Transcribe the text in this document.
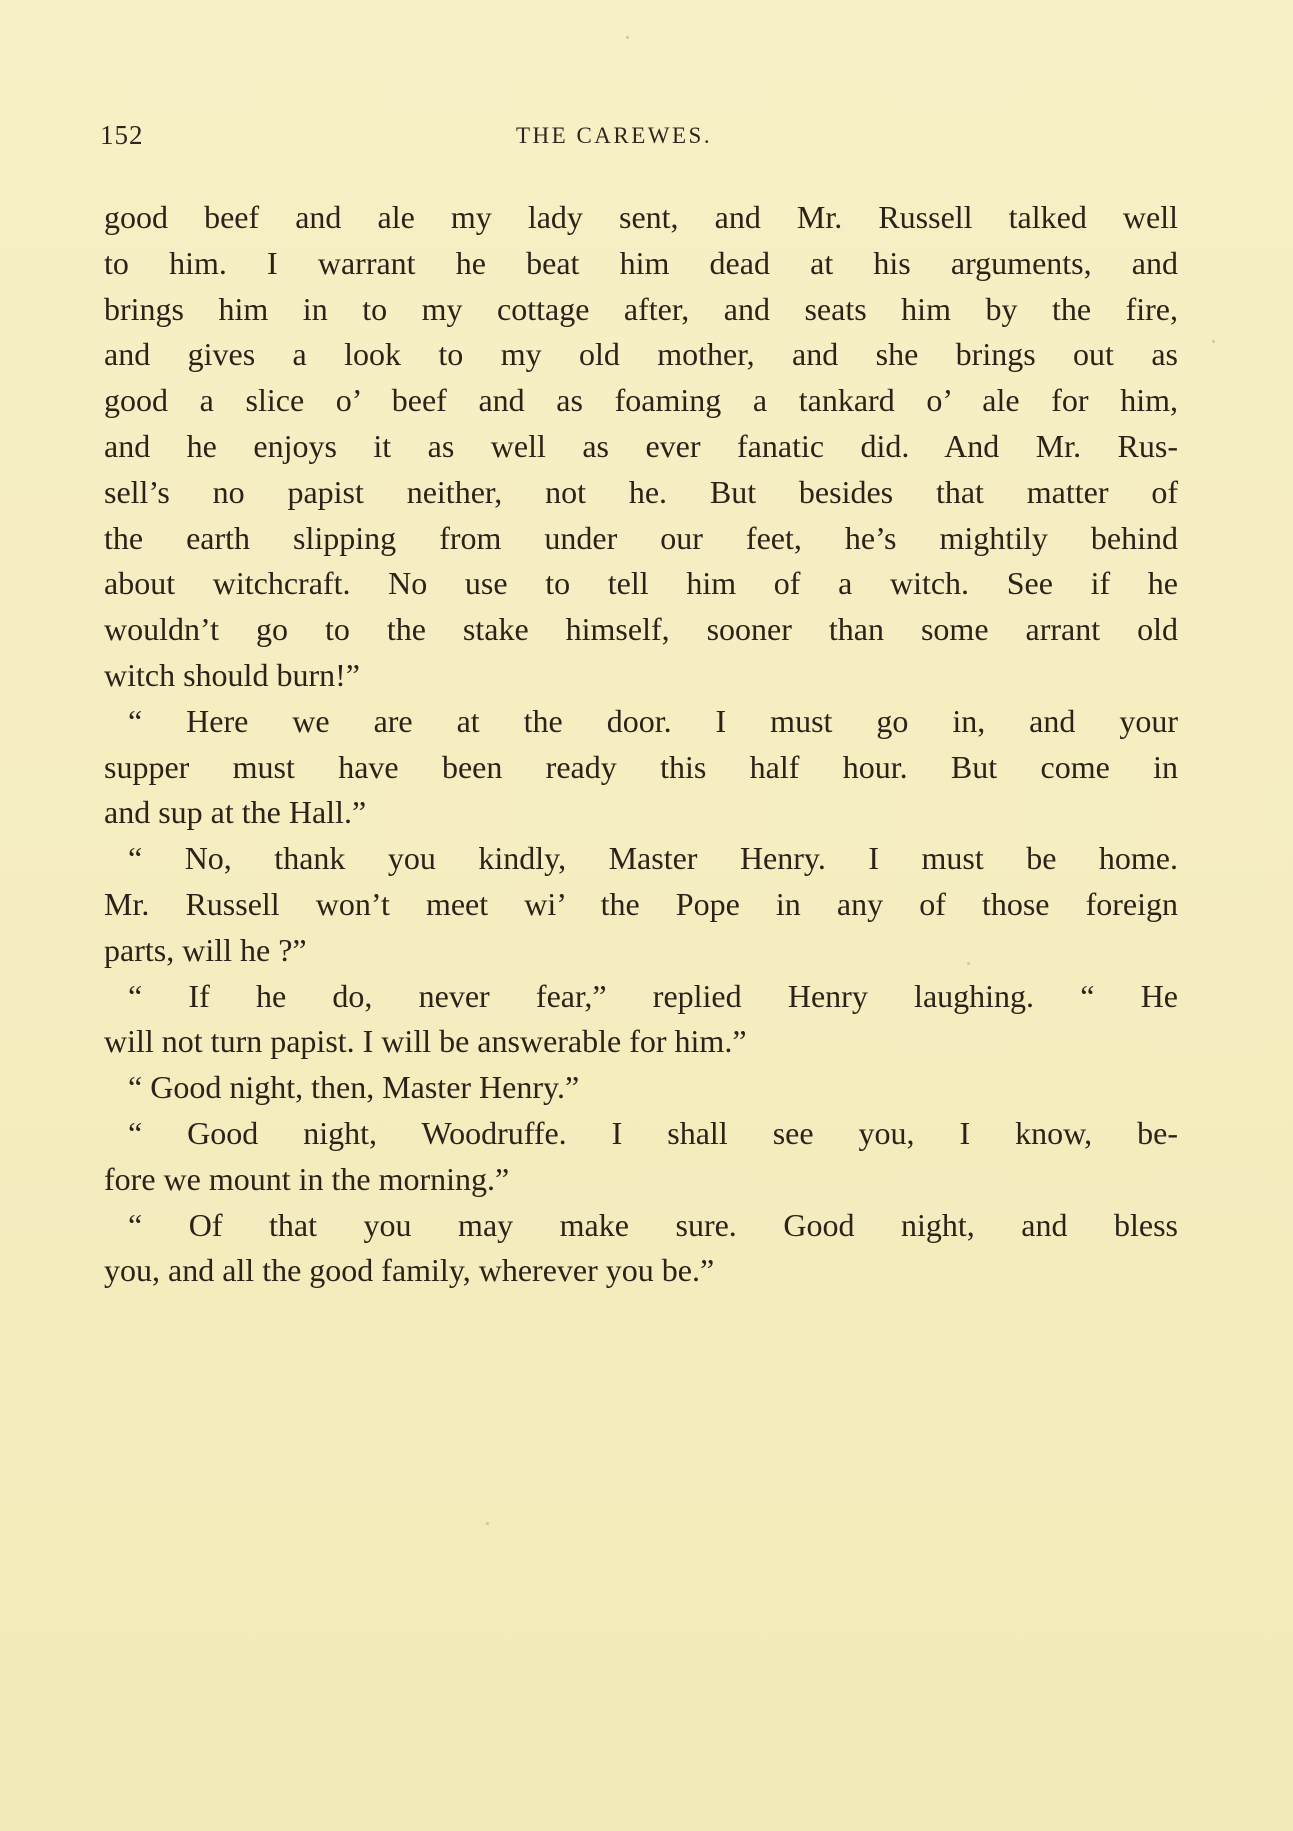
152	THE CAREWES.
good beef and ale my lady sent, and Mr. Russell talked well
to him. I warrant he beat him dead at his arguments, and
brings him in to my cottage after, and seats him by the fire,
and gives a look to my old mother, and she brings out as
good a slice o’ beef and as foaming a tankard o’ ale for him,
and he enjoys it as well as ever fanatic did. And Mr. Rus-
sell’s no papist neither, not he. But besides that matter of
the earth slipping from under our feet, he’s mightily behind
about witchcraft. No use to tell him of a witch. See if he
wouldn’t go to the stake himself, sooner than some arrant old
witch should burn!”
“ Here we are at the door. I must go in, and your
supper must have been ready this half hour. But come in
and sup at the Hall.”
“ No, thank you kindly, Master Henry. I must be home.
Mr. Russell won’t meet wi’ the Pope in any of those foreign
parts, will he ?”
“ If he do, never fear,” replied Henry laughing. “ He
will not turn papist. I will be answerable for him.”
“ Good night, then, Master Henry.”
“ Good night, Woodruffe. I shall see you, I know, be-
fore we mount in the morning.”
“ Of that you may make sure. Good night, and bless
you, and all the good family, wherever you be.”
